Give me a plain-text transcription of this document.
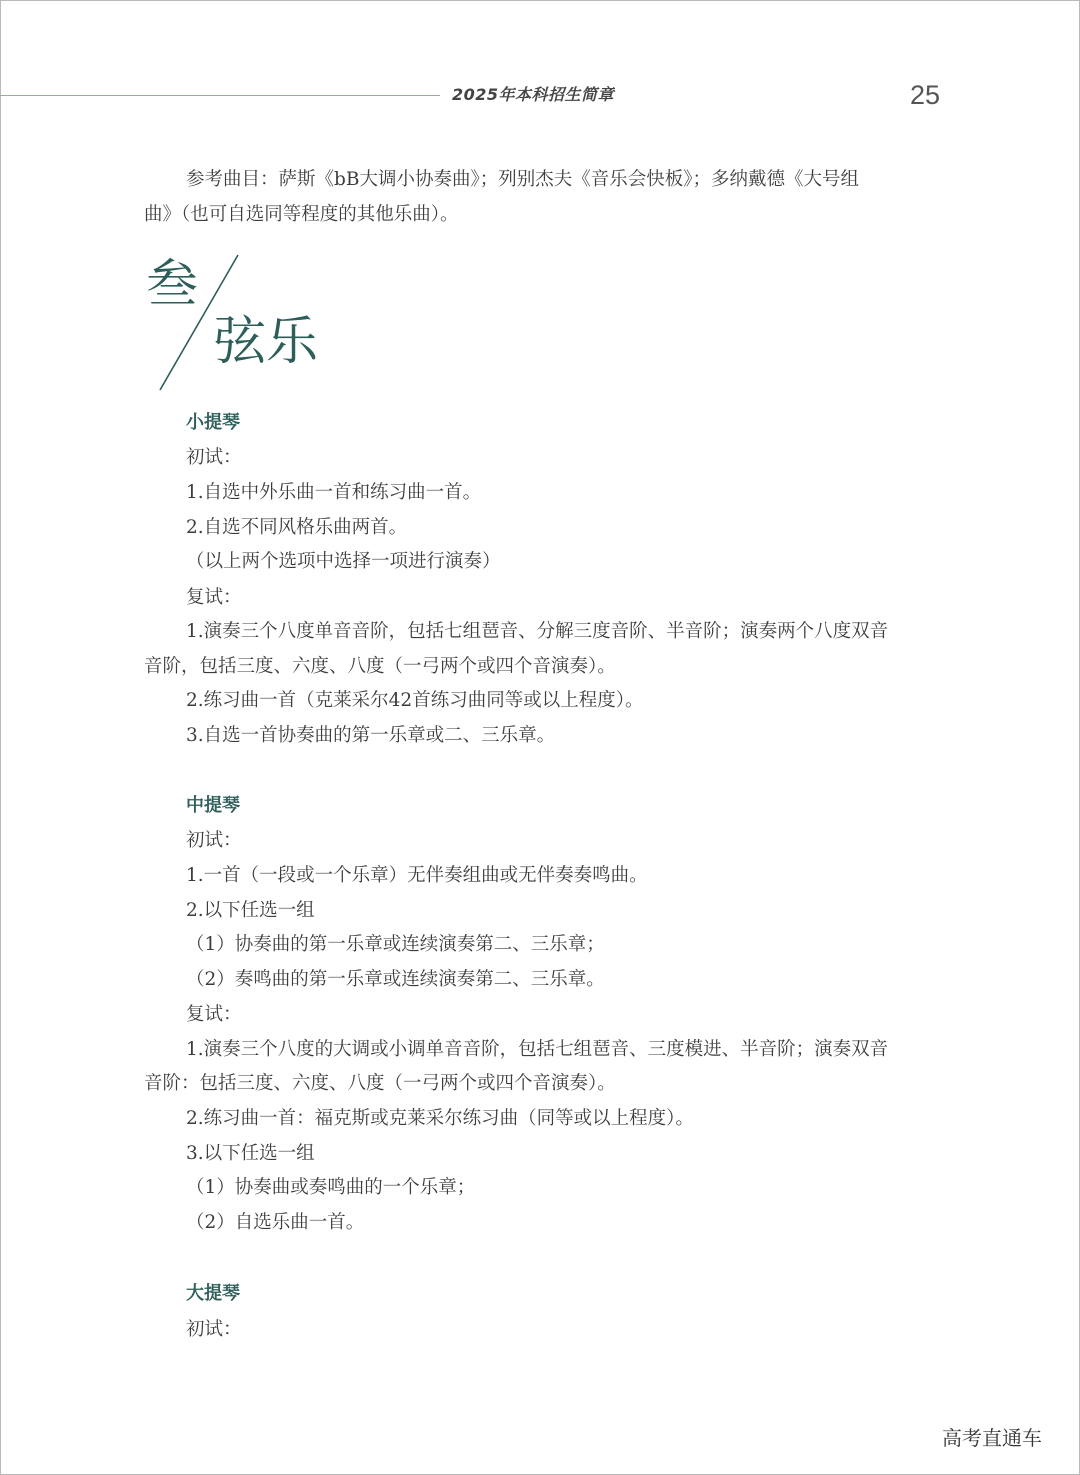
2025年本科招生简章	25
参考曲目：萨斯《bB大调小协奏曲》；列别杰夫《音乐会快板》；多纳戴德《大号组
曲》（也可自选同等程度的其他乐曲）。
叁
弦乐
小提琴
初试：
1.自选中外乐曲一首和练习曲一首。
2.自选不同风格乐曲两首。
（以上两个选项中选择一项进行演奏）
复试：
1.演奏三个八度单音音阶，包括七组琶音、分解三度音阶、半音阶；演奏两个八度双音
音阶，包括三度、六度、八度（一弓两个或四个音演奏）。
2.练习曲一首（克莱采尔42首练习曲同等或以上程度）。
3.自选一首协奏曲的第一乐章或二、三乐章。
中提琴
初试：
1.一首（一段或一个乐章）无伴奏组曲或无伴奏奏鸣曲。
2.以下任选一组
（1）协奏曲的第一乐章或连续演奏第二、三乐章；
（2）奏鸣曲的第一乐章或连续演奏第二、三乐章。
复试：
1.演奏三个八度的大调或小调单音音阶，包括七组琶音、三度模进、半音阶；演奏双音
音阶：包括三度、六度、八度（一弓两个或四个音演奏）。
2.练习曲一首：福克斯或克莱采尔练习曲（同等或以上程度）。
3.以下任选一组
（1）协奏曲或奏鸣曲的一个乐章；
（2）自选乐曲一首。
大提琴
初试：
高考直通车
